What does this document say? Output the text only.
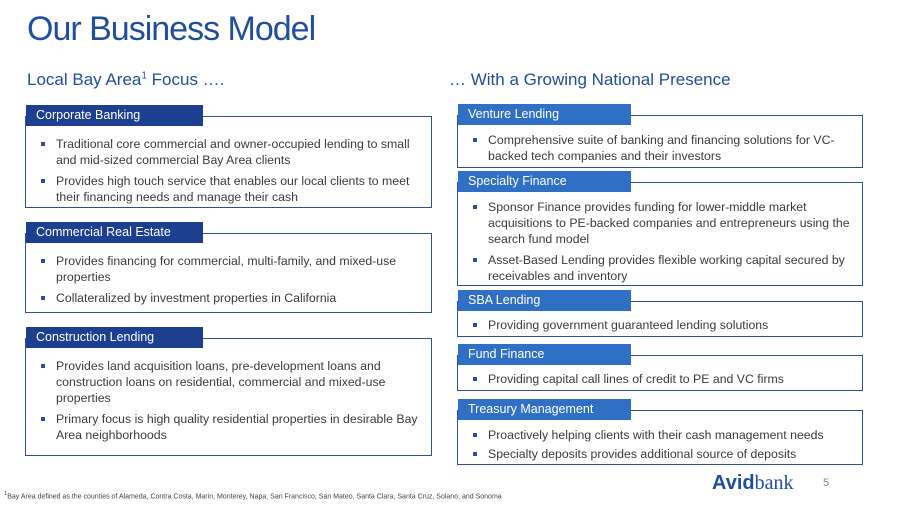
Our Business Model
Local Bay Area$^1$ Focus ….	… With a Growing National Presence
Corporate Banking
Traditional core commercial and owner-occupied lending to small and mid-sized commercial Bay Area clients
Provides high touch service that enables our local clients to meet their financing needs and manage their cash
Commercial Real Estate
Provides financing for commercial, multi-family, and mixed-use properties
Collateralized by investment properties in California
Construction Lending
Provides land acquisition loans, pre-development loans and construction loans on residential, commercial and mixed-use properties
Primary focus is high quality residential properties in desirable Bay Area neighborhoods
Venture Lending
Comprehensive suite of banking and financing solutions for VC-backed tech companies and their investors
Specialty Finance
Sponsor Finance provides funding for lower-middle market acquisitions to PE-backed companies and entrepreneurs using the search fund model
Asset-Based Lending provides flexible working capital secured by receivables and inventory
SBA Lending
Providing government guaranteed lending solutions
Fund Finance
Providing capital call lines of credit to PE and VC firms
Treasury Management
Proactively helping clients with their cash management needs
Specialty deposits provides additional source of deposits
$^1$Bay Area defined as the counties of Alameda, Contra Costa, Marin, Monterey, Napa, San Francisco, San Mateo, Santa Clara, Santa Cruz, Solano, and Sonoma
Avidbank	5
